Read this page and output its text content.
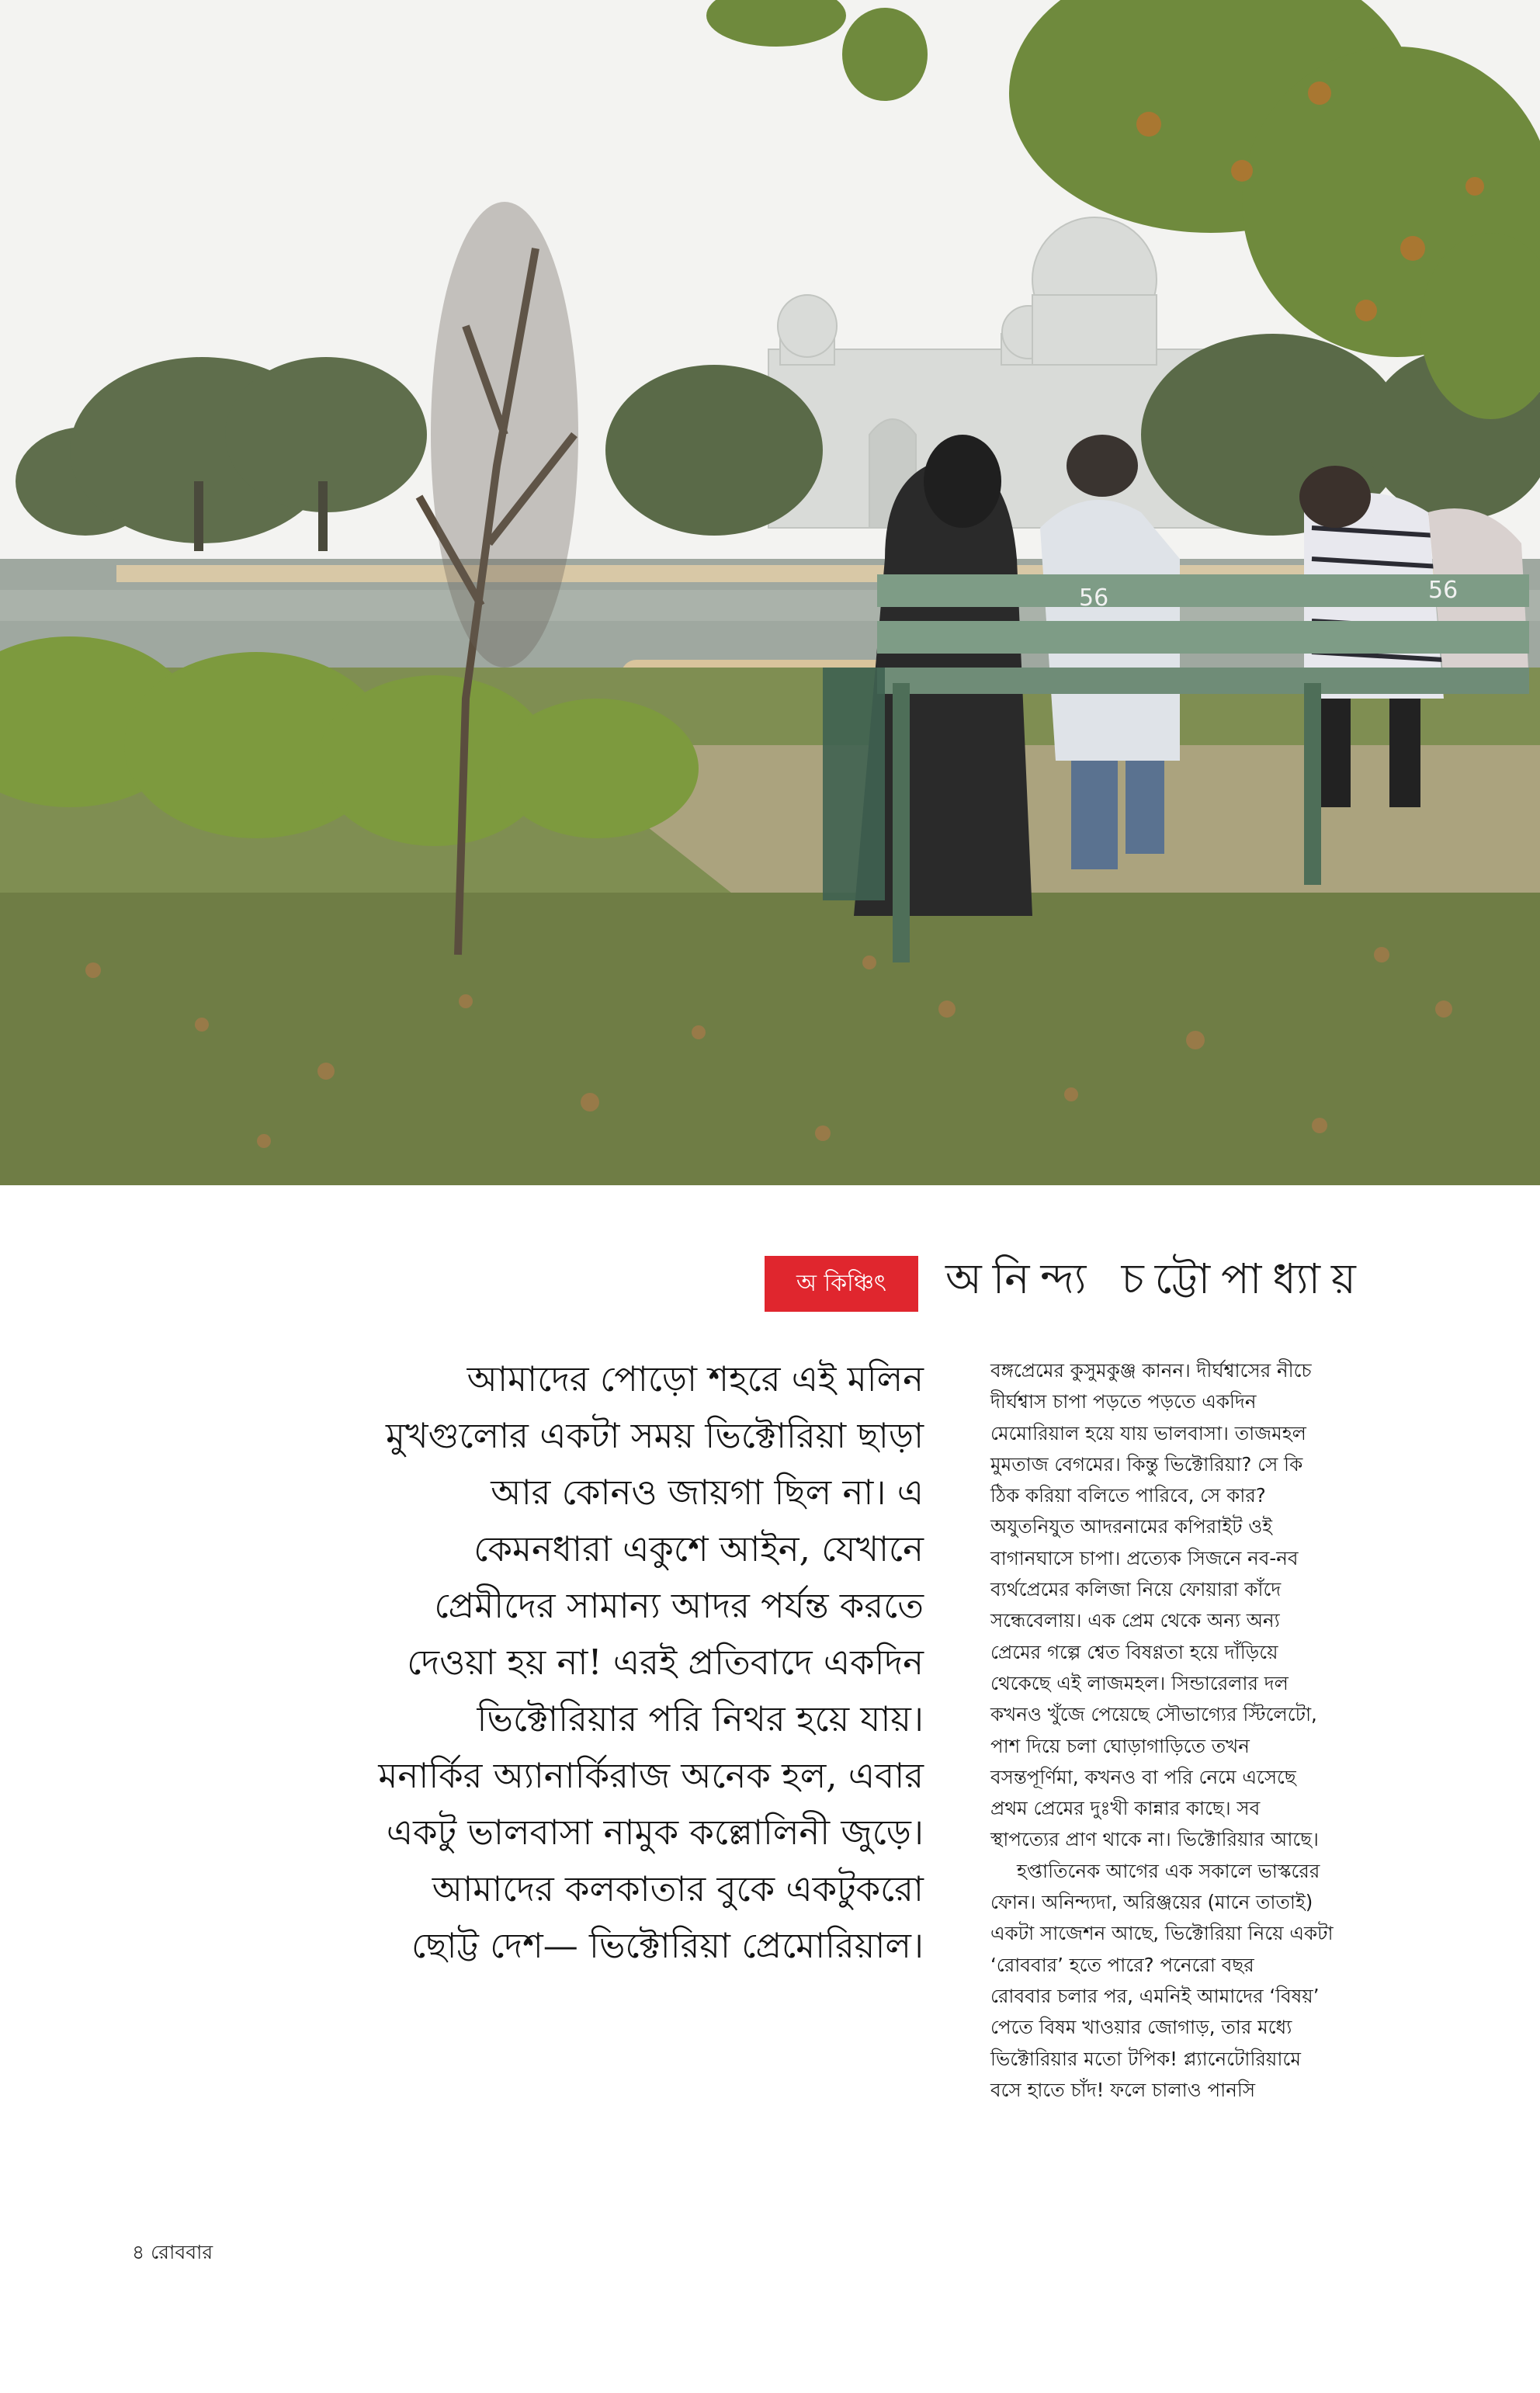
56	56
অ কিঞ্চিৎ	অনিন্দ্য চট্টোপাধ্যায়
আমাদের পোড়ো শহরে এই মলিন
মুখগুলোর একটা সময় ভিক্টোরিয়া ছাড়া
আর কোনও জায়গা ছিল না। এ
কেমনধারা একুশে আইন, যেখানে
প্রেমীদের সামান্য আদর পর্যন্ত করতে
দেওয়া হয় না! এরই প্রতিবাদে একদিন
ভিক্টোরিয়ার পরি নিথর হয়ে যায়।
মনার্কির অ্যানার্কিরাজ অনেক হল, এবার
একটু ভালবাসা নামুক কল্লোলিনী জুড়ে।
আমাদের কলকাতার বুকে একটুকরো
ছোট্ট দেশ— ভিক্টোরিয়া প্রেমোরিয়াল।
বঙ্গপ্রেমের কুসুমকুঞ্জ কানন। দীর্ঘশ্বাসের নীচে
দীর্ঘশ্বাস চাপা পড়তে পড়তে একদিন
মেমোরিয়াল হয়ে যায় ভালবাসা। তাজমহল
মুমতাজ বেগমের। কিন্তু ভিক্টোরিয়া? সে কি
ঠিক করিয়া বলিতে পারিবে, সে কার?
অযুতনিযুত আদরনামের কপিরাইট ওই
বাগানঘাসে চাপা। প্রত্যেক সিজনে নব-নব
ব্যর্থপ্রেমের কলিজা নিয়ে ফোয়ারা কাঁদে
সন্ধেবেলায়। এক প্রেম থেকে অন্য অন্য
প্রেমের গল্পে শ্বেত বিষণ্ণতা হয়ে দাঁড়িয়ে
থেকেছে এই লাজমহল। সিন্ডারেলার দল
কখনও খুঁজে পেয়েছে সৌভাগ্যের স্টিলেটো,
পাশ দিয়ে চলা ঘোড়াগাড়িতে তখন
বসন্তপূর্ণিমা, কখনও বা পরি নেমে এসেছে
প্রথম প্রেমের দুঃখী কান্নার কাছে। সব
স্থাপত্যের প্রাণ থাকে না। ভিক্টোরিয়ার আছে।
হপ্তাতিনেক আগের এক সকালে ভাস্করের
ফোন। অনিন্দ্যদা, অরিঞ্জয়ের (মানে তাতাই)
একটা সাজেশন আছে, ভিক্টোরিয়া নিয়ে একটা
‘রোববার’ হতে পারে? পনেরো বছর
রোববার চলার পর, এমনিই আমাদের ‘বিষয়’
পেতে বিষম খাওয়ার জোগাড়, তার মধ্যে
ভিক্টোরিয়ার মতো টপিক! প্ল্যানেটোরিয়ামে
বসে হাতে চাঁদ! ফলে চালাও পানসি
৪ রোববার
